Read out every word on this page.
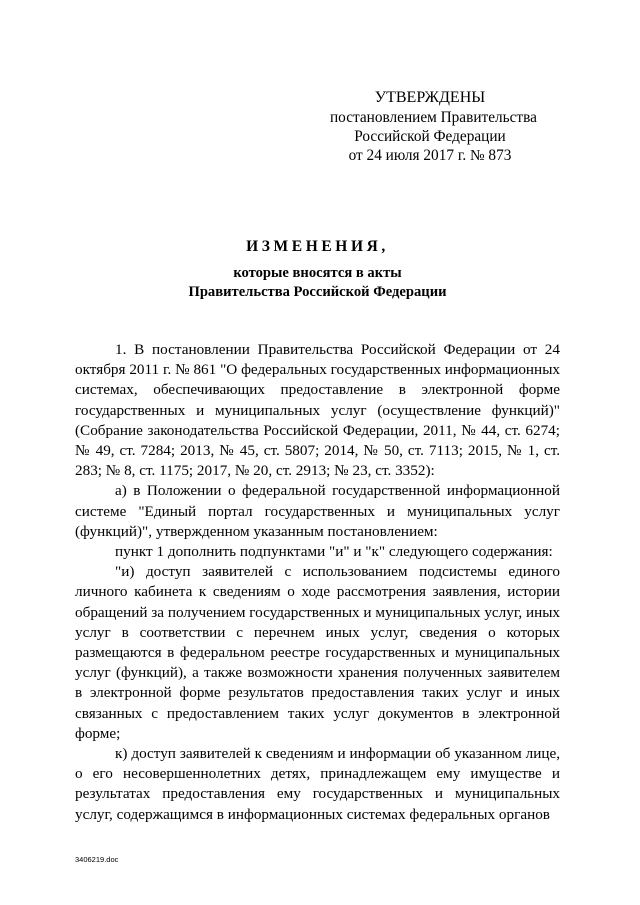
УТВЕРЖДЕНЫ
постановлением Правительства
Российской Федерации
от 24 июля 2017 г. № 873
ИЗМЕНЕНИЯ,
которые вносятся в акты
Правительства Российской Федерации

1. В постановлении Правительства Российской Федерации от 24 октября 2011 г. № 861 "О федеральных государственных информационных системах, обеспечивающих предоставление в электронной форме государственных и муниципальных услуг (осуществление функций)" (Собрание законодательства Российской Федерации, 2011, № 44, ст. 6274; № 49, ст. 7284; 2013, № 45, ст. 5807; 2014, № 50, ст. 7113; 2015, № 1, ст. 283; № 8, ст. 1175; 2017, № 20, ст. 2913; № 23, ст. 3352):

а) в Положении о федеральной государственной информационной системе "Единый портал государственных и муниципальных услуг (функций)", утвержденном указанным постановлением:

пункт 1 дополнить подпунктами "и" и "к" следующего содержания:

"и) доступ заявителей с использованием подсистемы единого личного кабинета к сведениям о ходе рассмотрения заявления, истории обращений за получением государственных и муниципальных услуг, иных услуг в соответствии с перечнем иных услуг, сведения о которых размещаются в федеральном реестре государственных и муниципальных услуг (функций), а также возможности хранения полученных заявителем в электронной форме результатов предоставления таких услуг и иных связанных с предоставлением таких услуг документов в электронной форме;

к) доступ заявителей к сведениям и информации об указанном лице, о его несовершеннолетних детях, принадлежащем ему имуществе и результатах предоставления ему государственных и муниципальных услуг, содержащимся в информационных системах федеральных органов

3406219.doc
